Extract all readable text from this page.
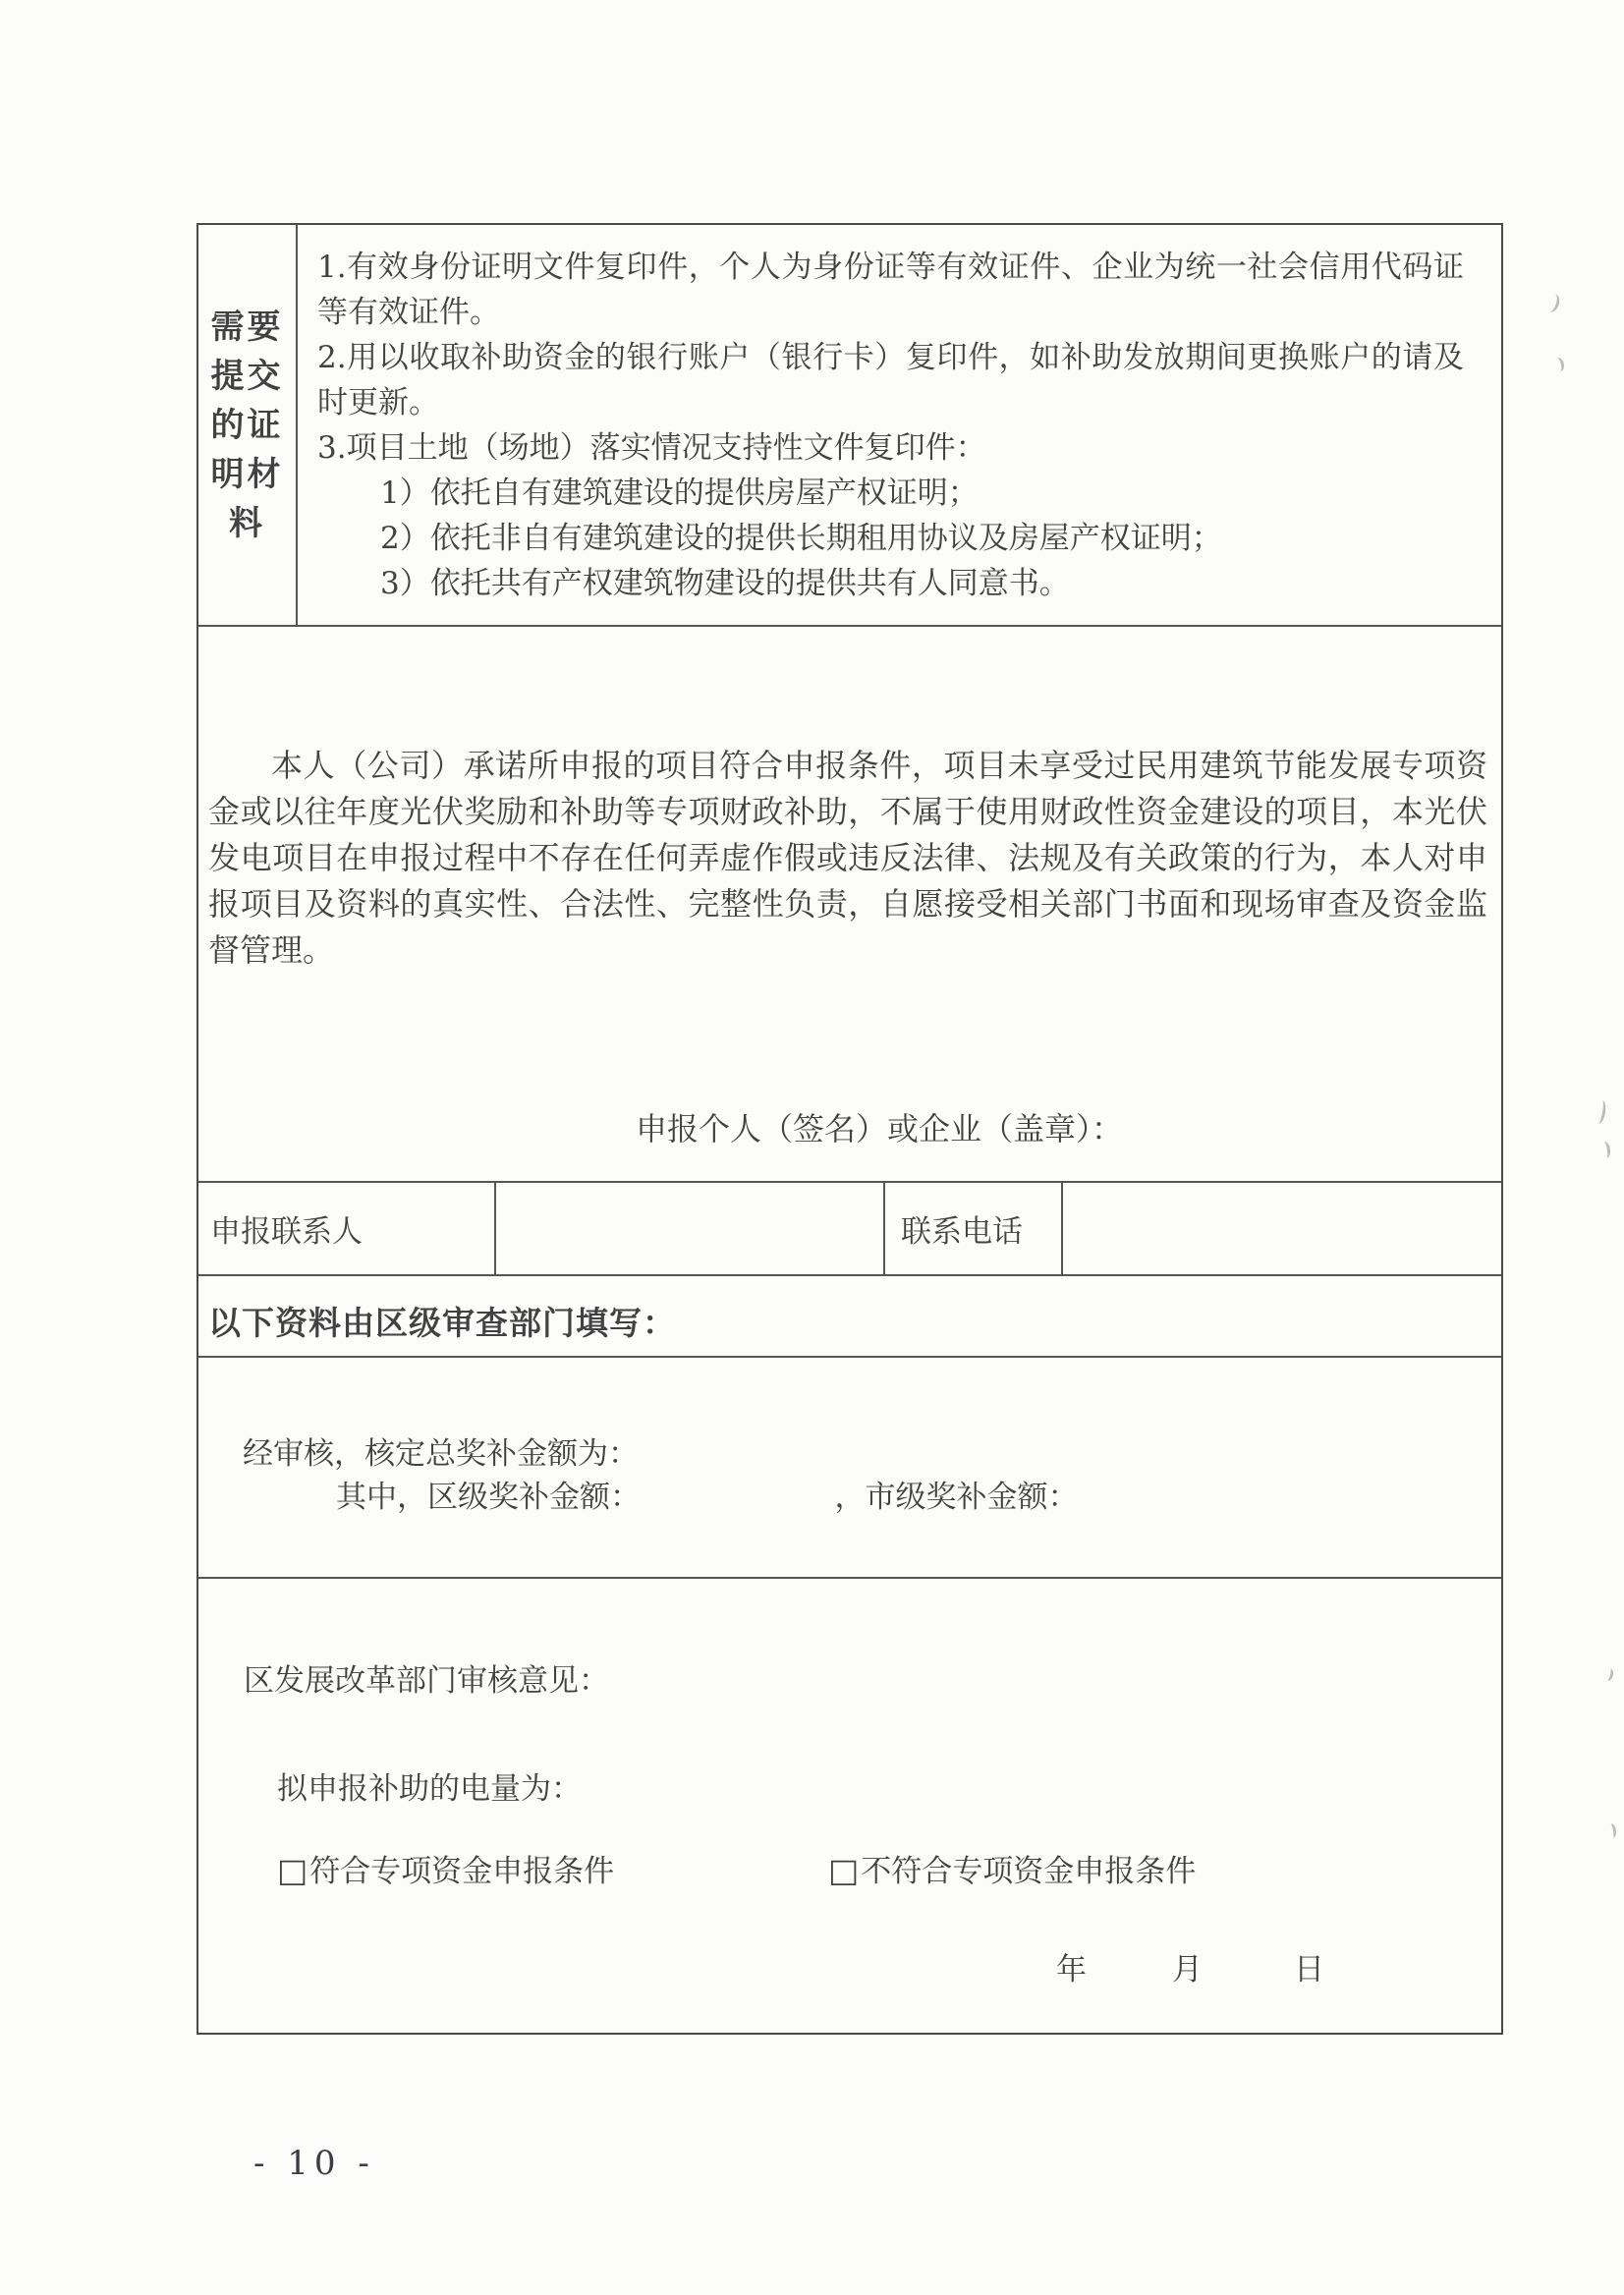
需要
提交
的证
明材
料
1.有效身份证明文件复印件，个人为身份证等有效证件、企业为统一社会信用代码证等有效证件。
2.用以收取补助资金的银行账户（银行卡）复印件，如补助发放期间更换账户的请及时更新。
3.项目土地（场地）落实情况支持性文件复印件：
1）依托自有建筑建设的提供房屋产权证明；
2）依托非自有建筑建设的提供长期租用协议及房屋产权证明；
3）依托共有产权建筑物建设的提供共有人同意书。

本人（公司）承诺所申报的项目符合申报条件，项目未享受过民用建筑节能发展专项资金或以往年度光伏奖励和补助等专项财政补助，不属于使用财政性资金建设的项目，本光伏发电项目在申报过程中不存在任何弄虚作假或违反法律、法规及有关政策的行为，本人对申报项目及资料的真实性、合法性、完整性负责，自愿接受相关部门书面和现场审查及资金监督管理。

申报个人（签名）或企业（盖章）：
申报联系人	联系电话
以下资料由区级审查部门填写：
经审核，核定总奖补金额为：
其中，区级奖补金额：	，市级奖补金额：
区发展改革部门审核意见：
拟申报补助的电量为：
□符合专项资金申报条件	□不符合专项资金申报条件
年	月	日
- 10 -
